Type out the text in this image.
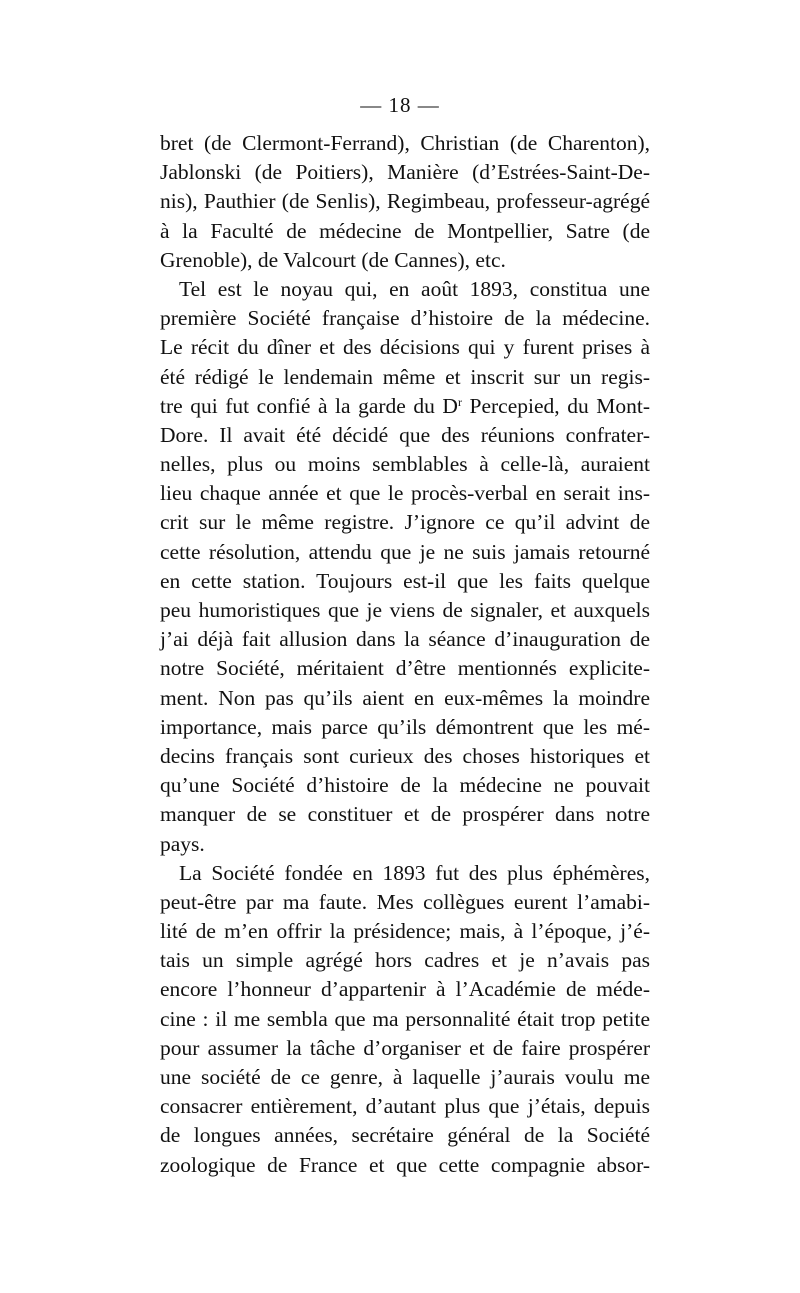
— 18 —
bret (de Clermont-Ferrand), Christian (de Charenton),
Jablonski (de Poitiers), Manière (d’Estrées-Saint-De-
nis), Pauthier (de Senlis), Regimbeau, professeur-agrégé
à la Faculté de médecine de Montpellier, Satre (de
Grenoble), de Valcourt (de Cannes), etc.
Tel est le noyau qui, en août 1893, constitua une
première Société française d’histoire de la médecine.
Le récit du dîner et des décisions qui y furent prises à
été rédigé le lendemain même et inscrit sur un regis-
tre qui fut confié à la garde du $D^r$ Percepied, du Mont-
Dore. Il avait été décidé que des réunions confrater-
nelles, plus ou moins semblables à celle-là, auraient
lieu chaque année et que le procès-verbal en serait ins-
crit sur le même registre. J’ignore ce qu’il advint de
cette résolution, attendu que je ne suis jamais retourné
en cette station. Toujours est-il que les faits quelque
peu humoristiques que je viens de signaler, et auxquels
j’ai déjà fait allusion dans la séance d’inauguration de
notre Société, méritaient d’être mentionnés explicite-
ment. Non pas qu’ils aient en eux-mêmes la moindre
importance, mais parce qu’ils démontrent que les mé-
decins français sont curieux des choses historiques et
qu’une Société d’histoire de la médecine ne pouvait
manquer de se constituer et de prospérer dans notre
pays.
La Société fondée en 1893 fut des plus éphémères,
peut-être par ma faute. Mes collègues eurent l’amabi-
lité de m’en offrir la présidence; mais, à l’époque, j’é-
tais un simple agrégé hors cadres et je n’avais pas
encore l’honneur d’appartenir à l’Académie de méde-
cine : il me sembla que ma personnalité était trop petite
pour assumer la tâche d’organiser et de faire prospérer
une société de ce genre, à laquelle j’aurais voulu me
consacrer entièrement, d’autant plus que j’étais, depuis
de longues années, secrétaire général de la Société
zoologique de France et que cette compagnie absor-
